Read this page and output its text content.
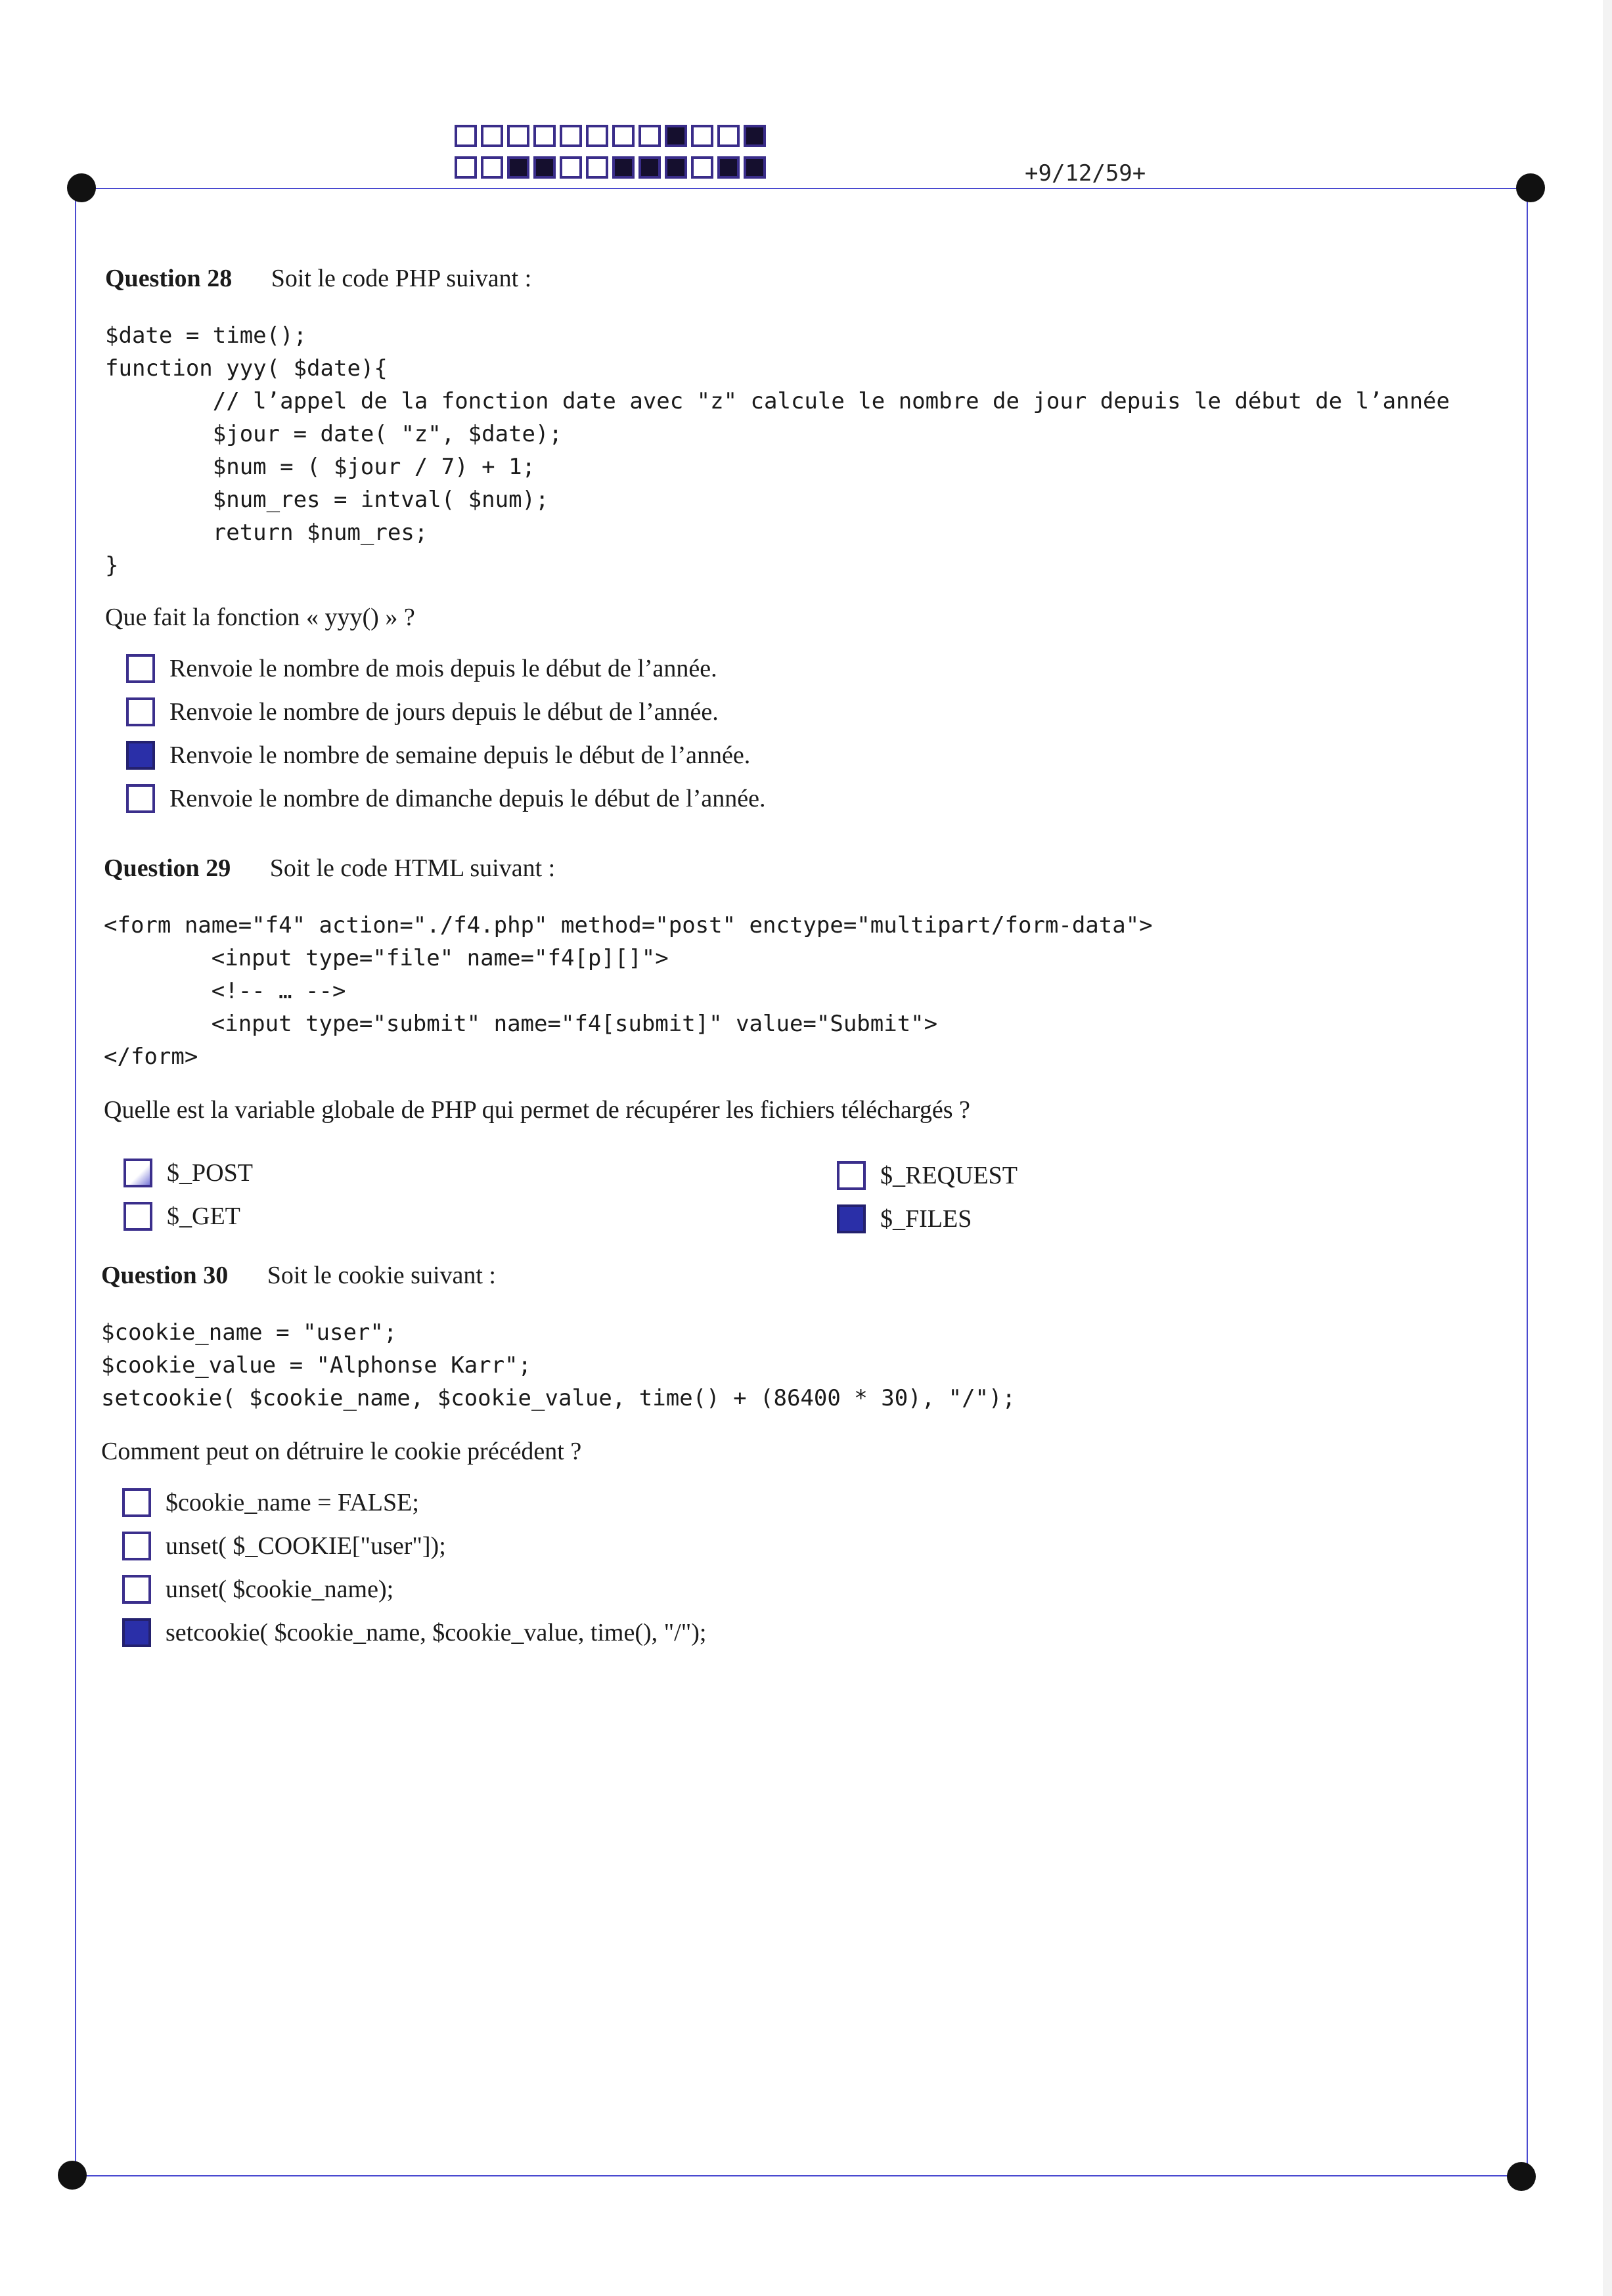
+9/12/59+
Question 28 Soit le code PHP suivant :
$date = time();
function yyy( $date){
// l’appel de la fonction date avec "z" calcule le nombre de jour depuis le début de l’année
$jour = date( "z", $date);
$num = ( $jour / 7) + 1;
$num_res = intval( $num);
return $num_res;
}
Que fait la fonction « yyy() » ?
Renvoie le nombre de mois depuis le début de l’année.
Renvoie le nombre de jours depuis le début de l’année.
Renvoie le nombre de semaine depuis le début de l’année.
Renvoie le nombre de dimanche depuis le début de l’année.
Question 29 Soit le code HTML suivant :
<form name="f4" action="./f4.php" method="post" enctype="multipart/form-data">
<input type="file" name="f4[p][]">
<!-- … -->
<input type="submit" name="f4[submit]" value="Submit">
</form>
Quelle est la variable globale de PHP qui permet de récupérer les fichiers téléchargés ?
$_POST
$_GET
$_REQUEST
$_FILES
Question 30 Soit le cookie suivant :
$cookie_name = "user";
$cookie_value = "Alphonse Karr";
setcookie( $cookie_name, $cookie_value, time() + (86400 * 30), "/");
Comment peut on détruire le cookie précédent ?
$cookie_name = FALSE;
unset( $_COOKIE["user"]);
unset( $cookie_name);
setcookie( $cookie_name, $cookie_value, time(), "/");
